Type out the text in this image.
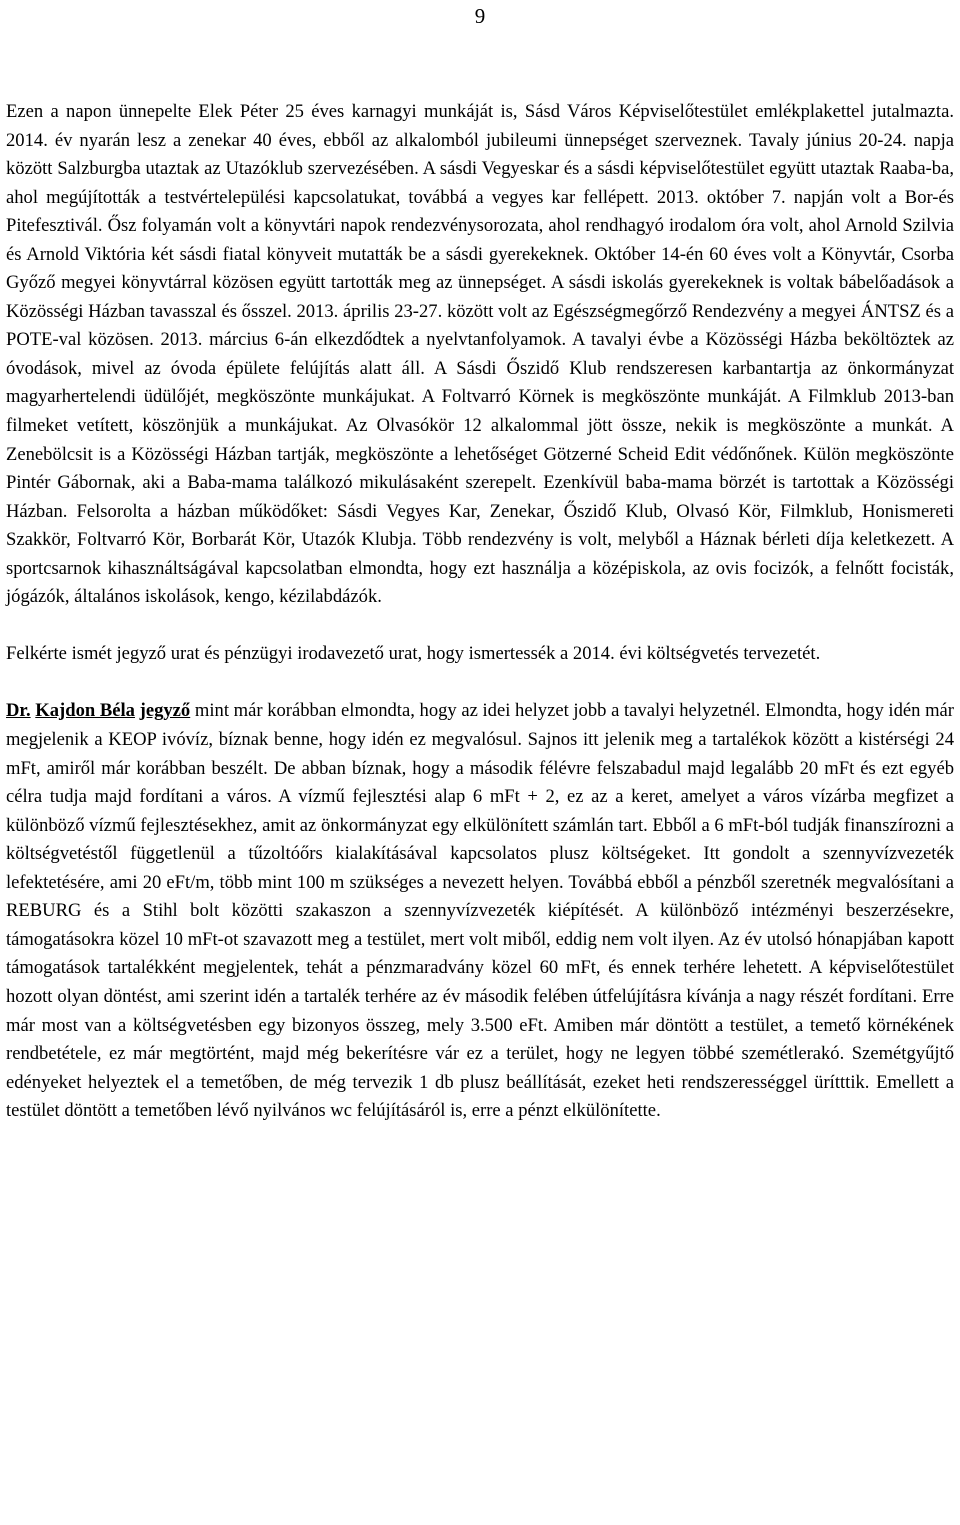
9

Ezen a napon ünnepelte Elek Péter 25 éves karnagyi munkáját is, Sásd Város Képviselőtestület emlékplakettel jutalmazta. 2014. év nyarán lesz a zenekar 40 éves, ebből az alkalomból jubileumi ünnepséget szerveznek. Tavaly június 20-24. napja között Salzburgba utaztak az Utazóklub szervezésében. A sásdi Vegyeskar és a sásdi képviselőtestület együtt utaztak Raaba-ba, ahol megújították a testvértelepülési kapcsolatukat, továbbá a vegyes kar fellépett. 2013. október 7. napján volt a Bor-és Pitefesztivál. Ősz folyamán volt a könyvtári napok rendezvénysorozata, ahol rendhagyó irodalom óra volt, ahol Arnold Szilvia és Arnold Viktória két sásdi fiatal könyveit mutatták be a sásdi gyerekeknek. Október 14-én 60 éves volt a Könyvtár, Csorba Győző megyei könyvtárral közösen együtt tartották meg az ünnepséget. A sásdi iskolás gyerekeknek is voltak bábelőadások a Közösségi Házban tavasszal és ősszel. 2013. április 23-27. között volt az Egészségmegőrző Rendezvény a megyei ÁNTSZ és a POTE-val közösen. 2013. március 6-án elkezdődtek a nyelvtanfolyamok. A tavalyi évbe a Közösségi Házba beköltöztek az óvodások, mivel az óvoda épülete felújítás alatt áll. A Sásdi Őszidő Klub rendszeresen karbantartja az önkormányzat magyarhertelendi üdülőjét, megköszönte munkájukat. A Foltvarró Körnek is megköszönte munkáját. A Filmklub 2013-ban filmeket vetített, köszönjük a munkájukat. Az Olvasókör 12 alkalommal jött össze, nekik is megköszönte a munkát. A Zenebölcsit is a Közösségi Házban tartják, megköszönte a lehetőséget Götzerné Scheid Edit védőnőnek. Külön megköszönte Pintér Gábornak, aki a Baba-mama találkozó mikulásaként szerepelt. Ezenkívül baba-mama börzét is tartottak a Közösségi Házban. Felsorolta a házban működőket: Sásdi Vegyes Kar, Zenekar, Őszidő Klub, Olvasó Kör, Filmklub, Honismereti Szakkör, Foltvarró Kör, Borbarát Kör, Utazók Klubja. Több rendezvény is volt, melyből a Háznak bérleti díja keletkezett. A sportcsarnok kihasználtságával kapcsolatban elmondta, hogy ezt használja a középiskola, az ovis focizók, a felnőtt focisták, jógázók, általános iskolások, kengo, kézilabdázók.

Felkérte ismét jegyző urat és pénzügyi irodavezető urat, hogy ismertessék a 2014. évi költségvetés tervezetét.

Dr. Kajdon Béla jegyző mint már korábban elmondta, hogy az idei helyzet jobb a tavalyi helyzetnél. Elmondta, hogy idén már megjelenik a KEOP ivóvíz, bíznak benne, hogy idén ez megvalósul. Sajnos itt jelenik meg a tartalékok között a kistérségi 24 mFt, amiről már korábban beszélt. De abban bíznak, hogy a második félévre felszabadul majd legalább 20 mFt és ezt egyéb célra tudja majd fordítani a város. A vízmű fejlesztési alap 6 mFt + 2, ez az a keret, amelyet a város vízárba megfizet a különböző vízmű fejlesztésekhez, amit az önkormányzat egy elkülönített számlán tart. Ebből a 6 mFt-ból tudják finanszírozni a költségvetéstől függetlenül a tűzoltóőrs kialakításával kapcsolatos plusz költségeket. Itt gondolt a szennyvízvezeték lefektetésére, ami 20 eFt/m, több mint 100 m szükséges a nevezett helyen. Továbbá ebből a pénzből szeretnék megvalósítani a REBURG és a Stihl bolt közötti szakaszon a szennyvízvezeték kiépítését. A különböző intézményi beszerzésekre, támogatásokra közel 10 mFt-ot szavazott meg a testület, mert volt miből, eddig nem volt ilyen. Az év utolsó hónapjában kapott támogatások tartalékként megjelentek, tehát a pénzmaradvány közel 60 mFt, és ennek terhére lehetett. A képviselőtestület hozott olyan döntést, ami szerint idén a tartalék terhére az év második felében útfelújításra kívánja a nagy részét fordítani. Erre már most van a költségvetésben egy bizonyos összeg, mely 3.500 eFt. Amiben már döntött a testület, a temető körnékének rendbetétele, ez már megtörtént, majd még bekerítésre vár ez a terület, hogy ne legyen többé szemétlerakó. Szemétgyűjtő edényeket helyeztek el a temetőben, de még tervezik 1 db plusz beállítását, ezeket heti rendszerességgel ürítttik. Emellett a testület döntött a temetőben lévő nyilvános wc felújításáról is, erre a pénzt elkülönítette.
